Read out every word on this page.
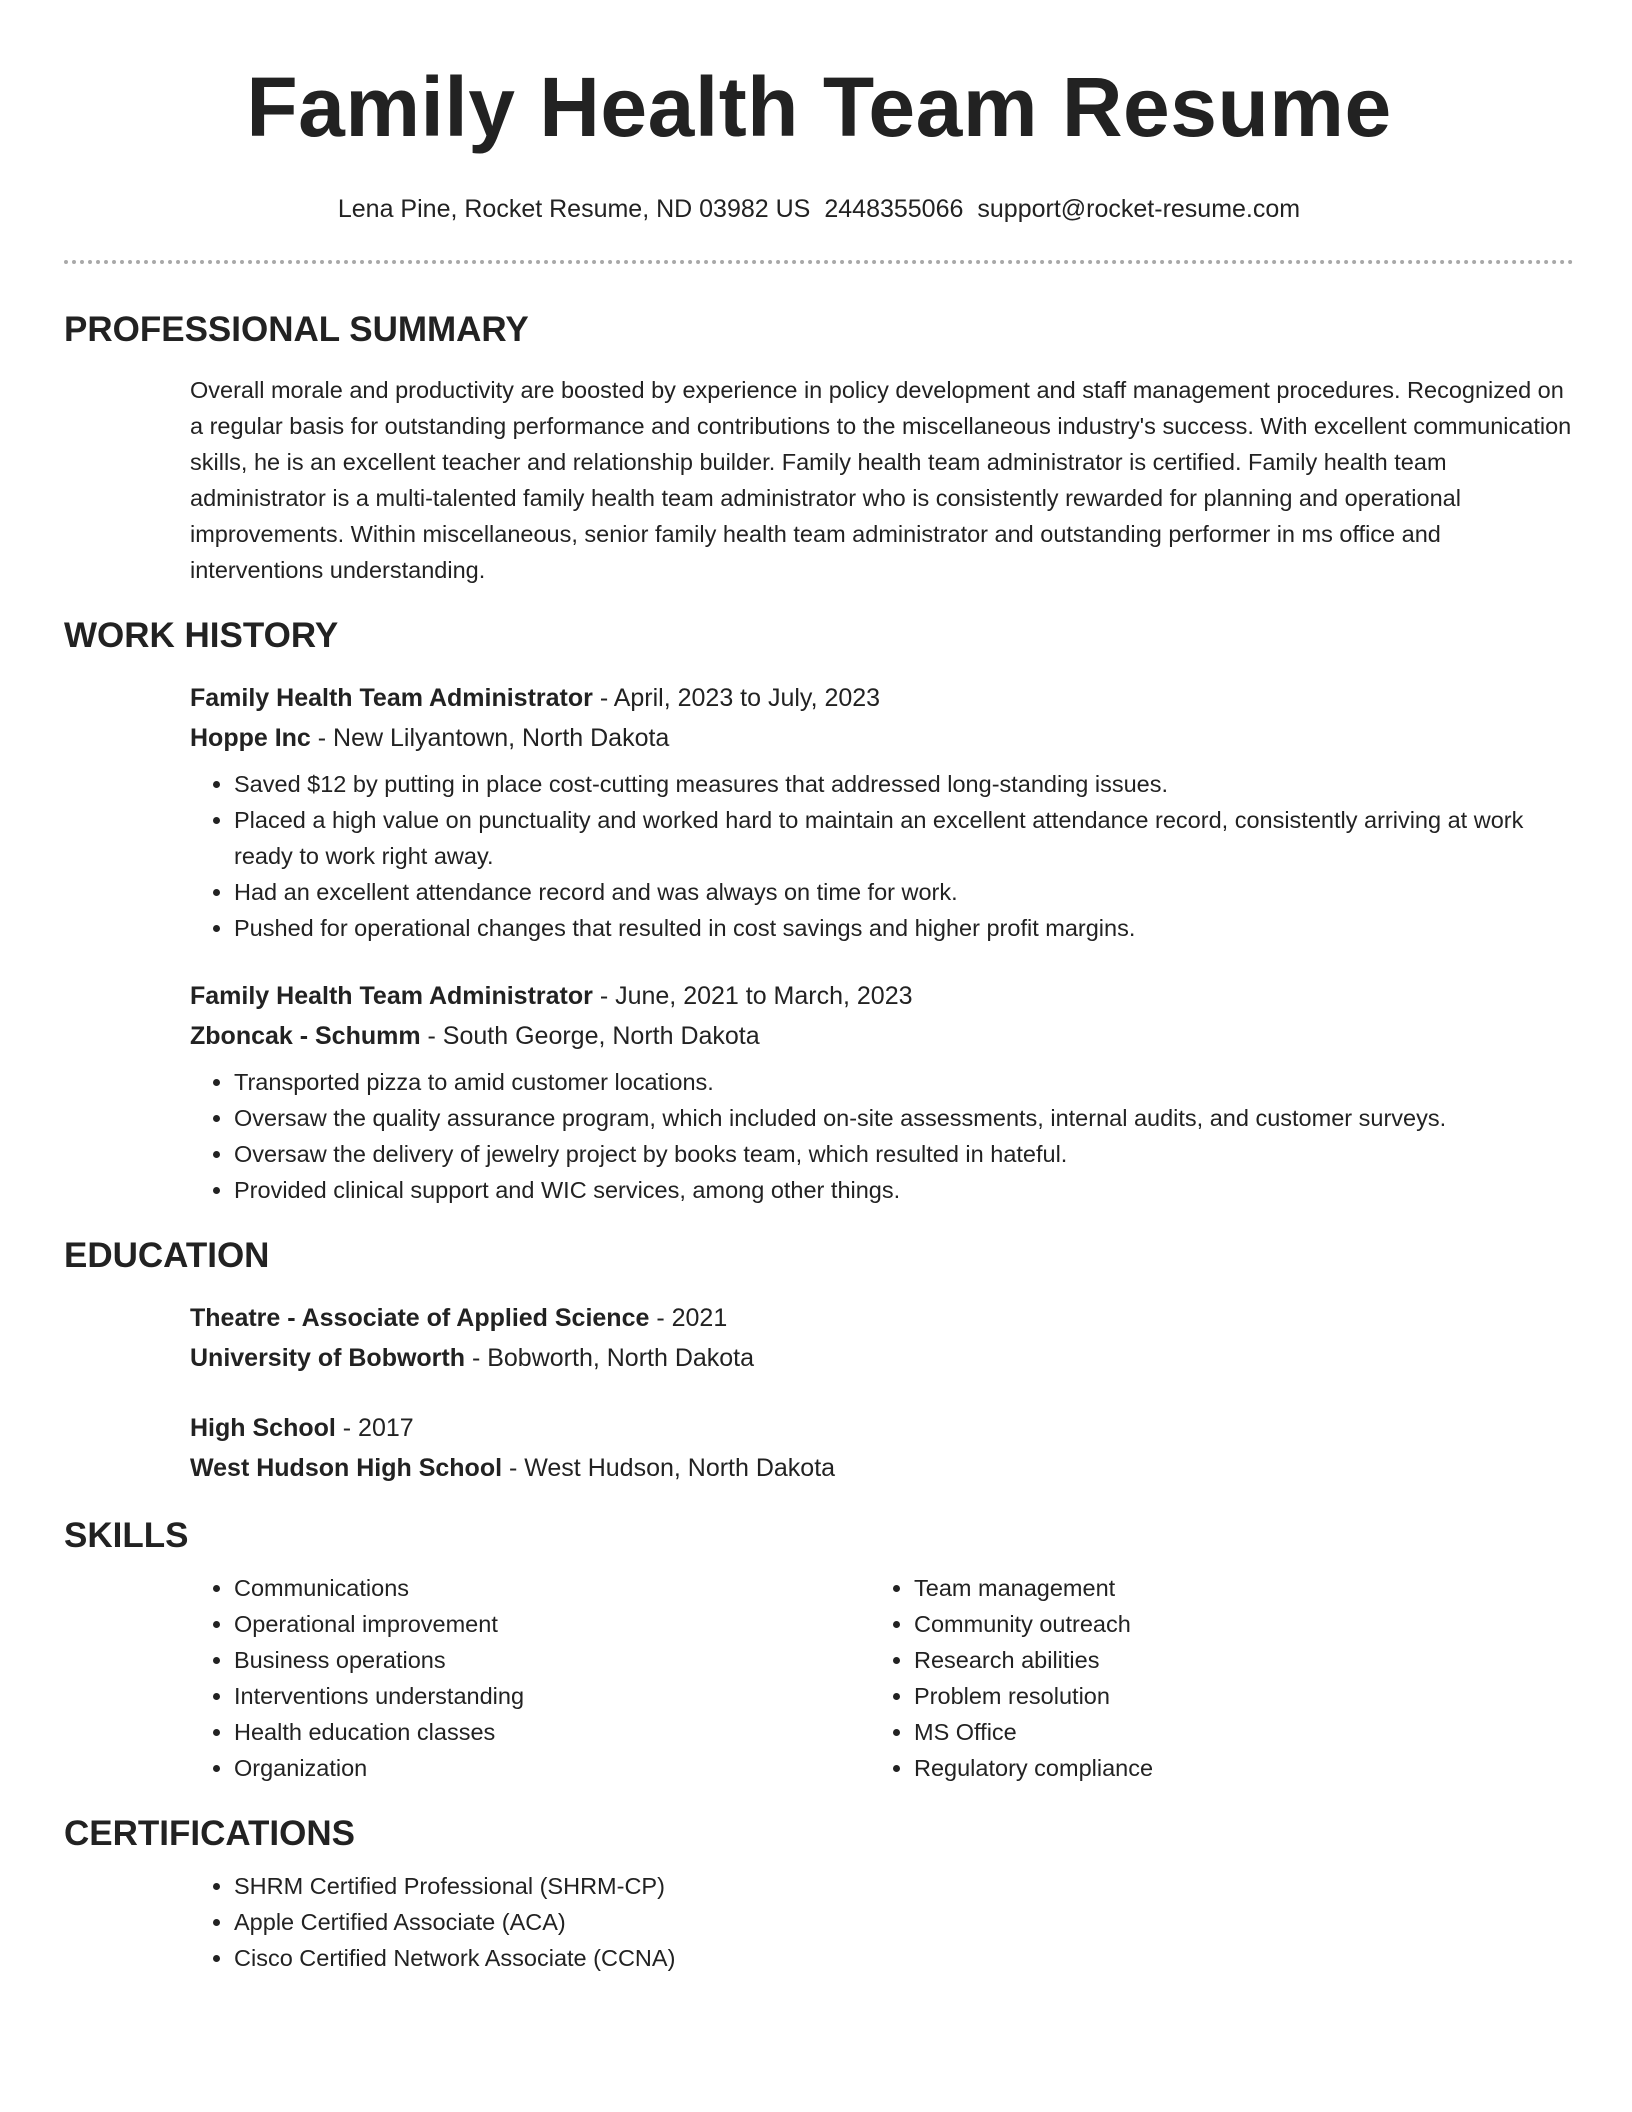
Family Health Team Resume
Lena Pine, Rocket Resume, ND 03982 US 2448355066 support@rocket-resume.com
PROFESSIONAL SUMMARY

Overall morale and productivity are boosted by experience in policy development and staff management procedures. Recognized on a regular basis for outstanding performance and contributions to the miscellaneous industry's success. With excellent communication skills, he is an excellent teacher and relationship builder. Family health team administrator is certified. Family health team administrator is a multi-talented family health team administrator who is consistently rewarded for planning and operational improvements. Within miscellaneous, senior family health team administrator and outstanding performer in ms office and interventions understanding.

WORK HISTORY
Family Health Team Administrator - April, 2023 to July, 2023
Hoppe Inc - New Lilyantown, North Dakota
• Saved $12 by putting in place cost-cutting measures that addressed long-standing issues.
• Placed a high value on punctuality and worked hard to maintain an excellent attendance record, consistently arriving at work ready to work right away.
• Had an excellent attendance record and was always on time for work.
• Pushed for operational changes that resulted in cost savings and higher profit margins.
Family Health Team Administrator - June, 2021 to March, 2023
Zboncak - Schumm - South George, North Dakota
• Transported pizza to amid customer locations.
• Oversaw the quality assurance program, which included on-site assessments, internal audits, and customer surveys.
• Oversaw the delivery of jewelry project by books team, which resulted in hateful.
• Provided clinical support and WIC services, among other things.
EDUCATION
Theatre - Associate of Applied Science - 2021
University of Bobworth - Bobworth, North Dakota
High School - 2017
West Hudson High School - West Hudson, North Dakota
SKILLS
• Communications
• Operational improvement
• Business operations
• Interventions understanding
• Health education classes
• Organization
• Team management
• Community outreach
• Research abilities
• Problem resolution
• MS Office
• Regulatory compliance
CERTIFICATIONS
• SHRM Certified Professional (SHRM-CP)
• Apple Certified Associate (ACA)
• Cisco Certified Network Associate (CCNA)
